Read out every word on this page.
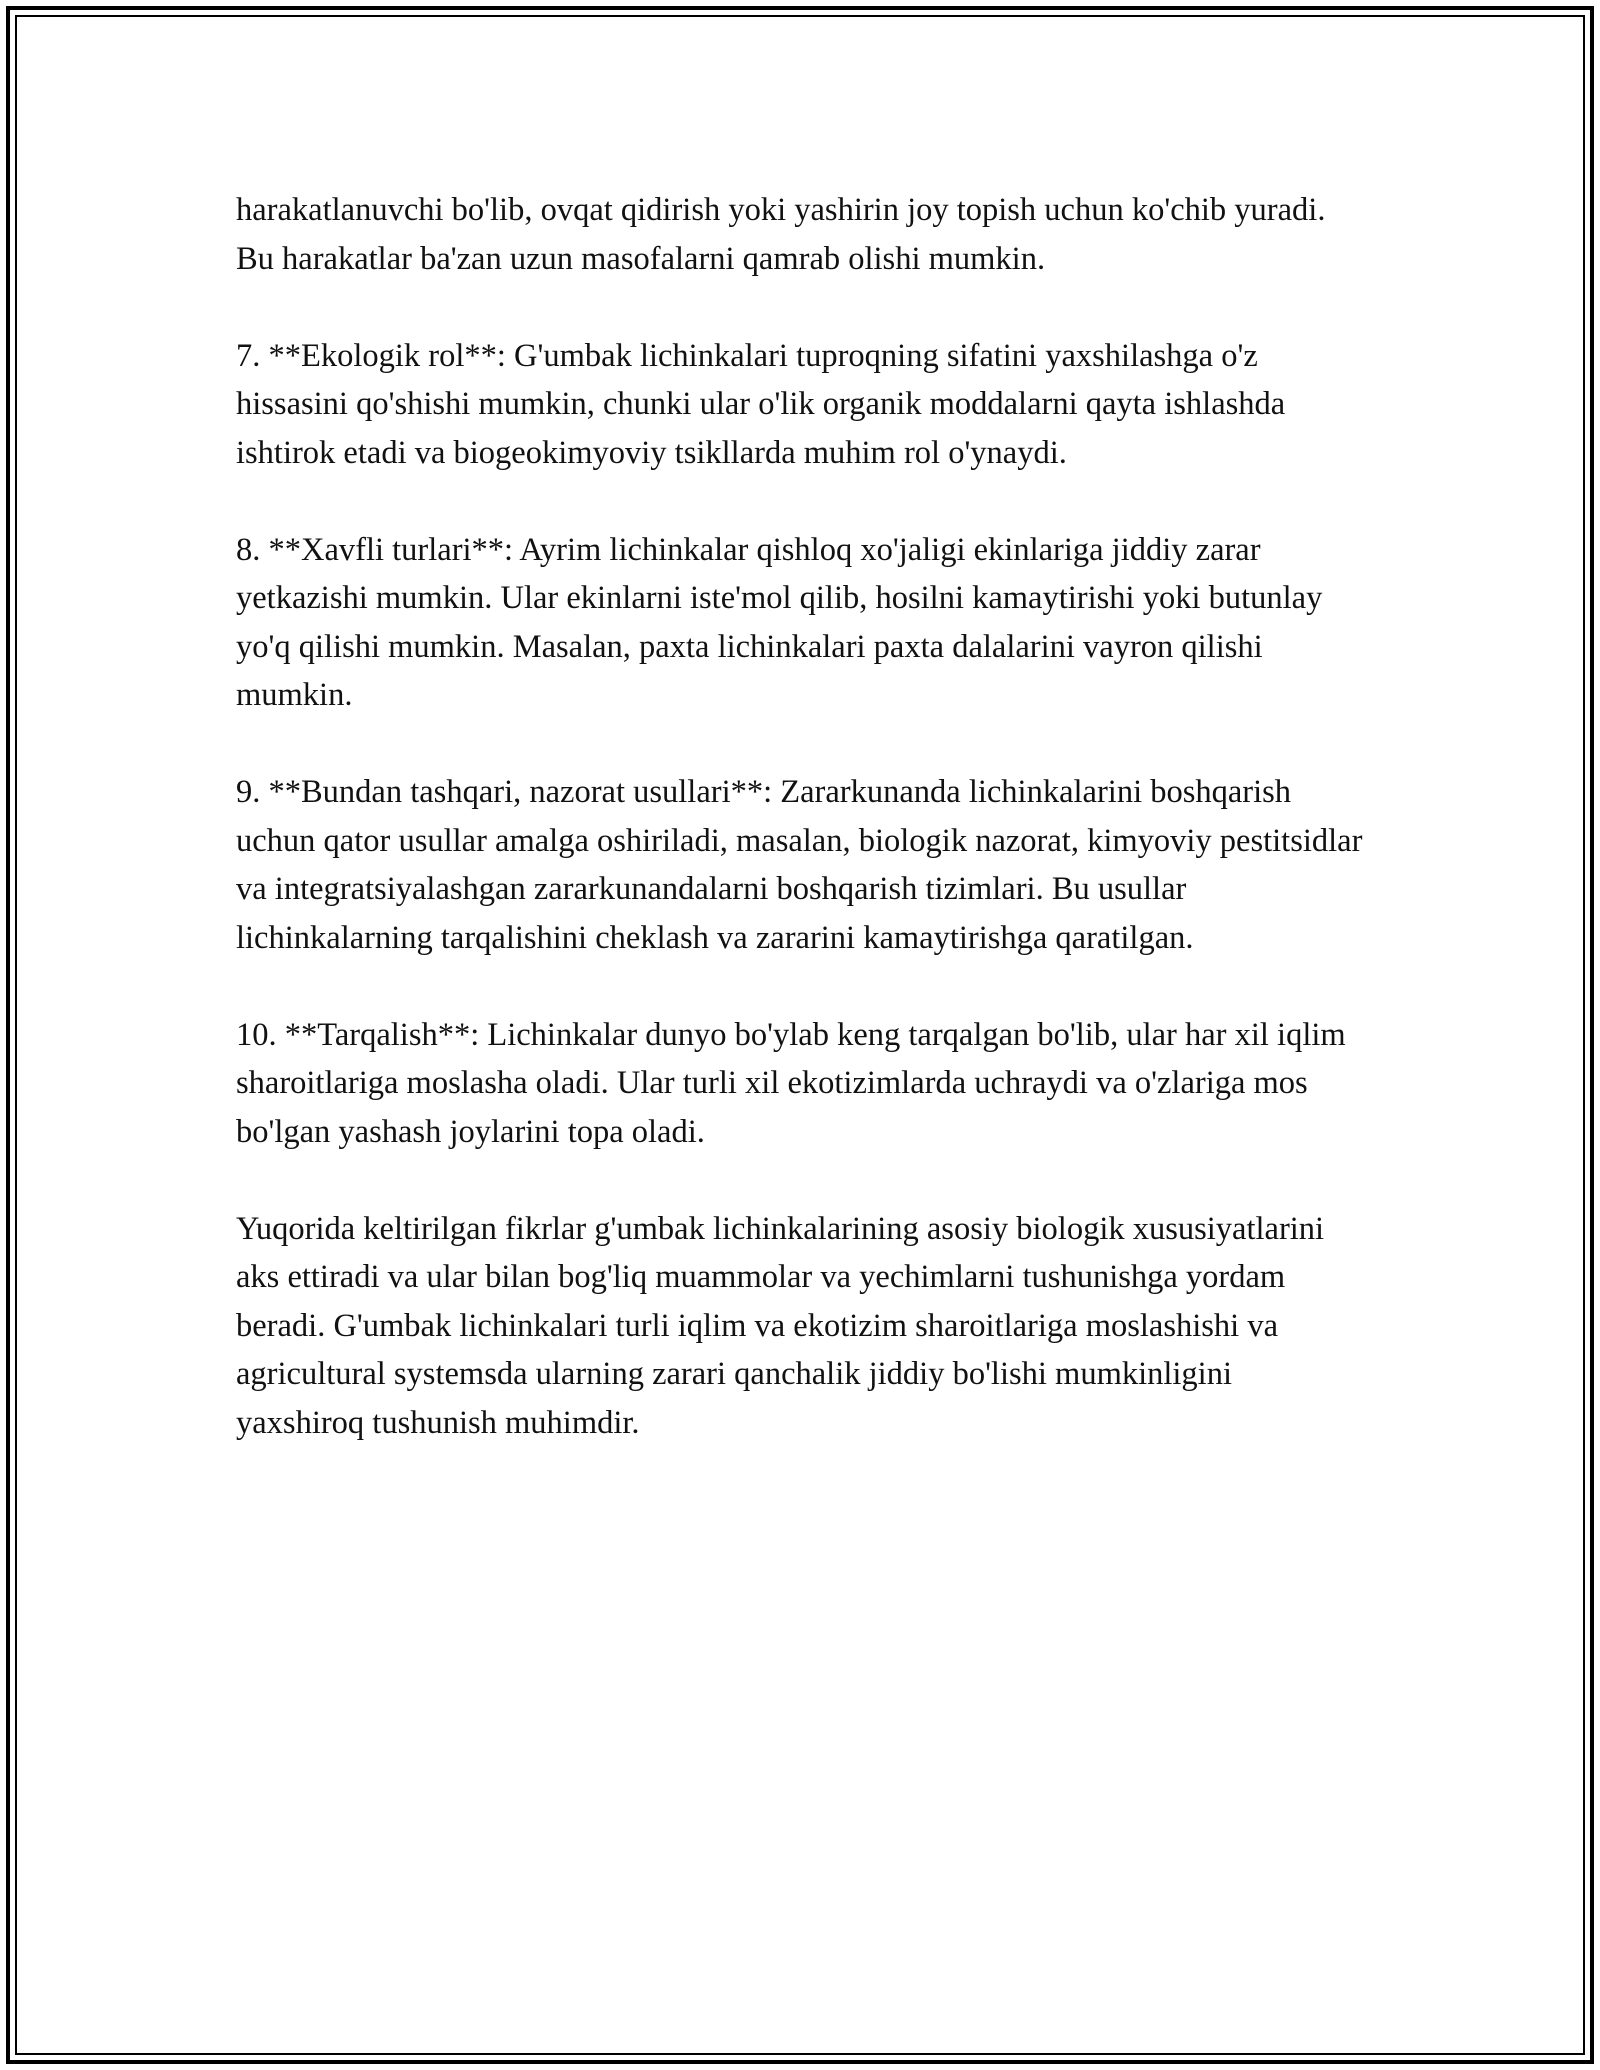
harakatlanuvchi bo'lib, ovqat qidirish yoki yashirin joy topish uchun ko'chib yuradi. Bu harakatlar ba'zan uzun masofalarni qamrab olishi mumkin.

7. **Ekologik rol**: G'umbak lichinkalari tuproqning sifatini yaxshilashga o'z hissasini qo'shishi mumkin, chunki ular o'lik organik moddalarni qayta ishlashda ishtirok etadi va biogeokimyoviy tsikllarda muhim rol o'ynaydi.

8. **Xavfli turlari**: Ayrim lichinkalar qishloq xo'jaligi ekinlariga jiddiy zarar yetkazishi mumkin. Ular ekinlarni iste'mol qilib, hosilni kamaytirishi yoki butunlay yo'q qilishi mumkin. Masalan, paxta lichinkalari paxta dalalarini vayron qilishi mumkin.

9. **Bundan tashqari, nazorat usullari**: Zararkunanda lichinkalarini boshqarish uchun qator usullar amalga oshiriladi, masalan, biologik nazorat, kimyoviy pestitsidlar va integratsiyalashgan zararkunandalarni boshqarish tizimlari. Bu usullar lichinkalarning tarqalishini cheklash va zararini kamaytirishga qaratilgan.

10. **Tarqalish**: Lichinkalar dunyo bo'ylab keng tarqalgan bo'lib, ular har xil iqlim sharoitlariga moslasha oladi. Ular turli xil ekotizimlarda uchraydi va o'zlariga mos bo'lgan yashash joylarini topa oladi.

Yuqorida keltirilgan fikrlar g'umbak lichinkalarining asosiy biologik xususiyatlarini aks ettiradi va ular bilan bog'liq muammolar va yechimlarni tushunishga yordam beradi. G'umbak lichinkalari turli iqlim va ekotizim sharoitlariga moslashishi va agricultural systemsda ularning zarari qanchalik jiddiy bo'lishi mumkinligini yaxshiroq tushunish muhimdir.
